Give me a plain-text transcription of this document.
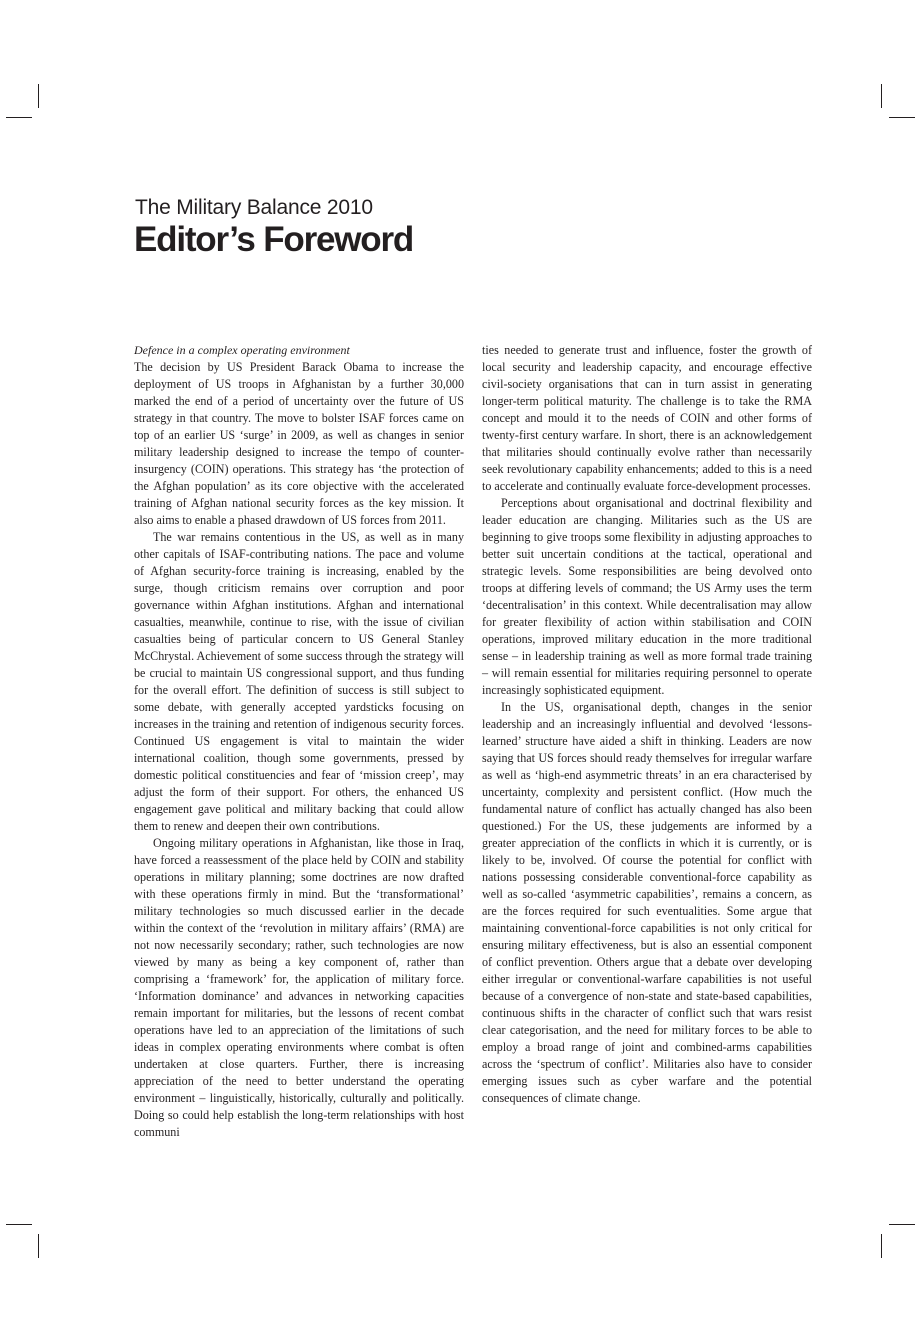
The Military Balance 2010
Editor’s Foreword
Defence in a complex operating environment

The decision by US President Barack Obama to increase the deployment of US troops in Afghanistan by a further 30,000 marked the end of a period of uncertainty over the future of US strategy in that country. The move to bolster ISAF forces came on top of an earlier US ‘surge’ in 2009, as well as changes in senior military leadership designed to increase the tempo of counter-insurgency (COIN) operations. This strategy has ‘the protection of the Afghan population’ as its core objective with the accelerated training of Afghan national security forces as the key mission. It also aims to enable a phased drawdown of US forces from 2011.

The war remains contentious in the US, as well as in many other capitals of ISAF-contributing nations. The pace and volume of Afghan security-force training is increasing, enabled by the surge, though criticism remains over corruption and poor governance within Afghan institutions. Afghan and international casualties, meanwhile, continue to rise, with the issue of civilian casualties being of particular concern to US General Stanley McChrystal. Achievement of some success through the strategy will be crucial to maintain US congressional support, and thus funding for the overall effort. The definition of success is still subject to some debate, with generally accepted yardsticks focusing on increases in the training and retention of indigenous security forces. Continued US engagement is vital to maintain the wider international coalition, though some governments, pressed by domestic political constituencies and fear of ‘mission creep’, may adjust the form of their support. For others, the enhanced US engagement gave political and military backing that could allow them to renew and deepen their own contributions.

Ongoing military operations in Afghanistan, like those in Iraq, have forced a reassessment of the place held by COIN and stability operations in military planning; some doctrines are now drafted with these operations firmly in mind. But the ‘transformational’ military technologies so much discussed earlier in the decade within the context of the ‘revolution in military affairs’ (RMA) are not now necessarily secondary; rather, such technologies are now viewed by many as being a key component of, rather than comprising a ‘framework’ for, the application of military force. ‘Information dominance’ and advances in networking capacities remain important for militaries, but the lessons of recent combat operations have led to an appreciation of the limitations of such ideas in complex operating environments where combat is often undertaken at close quarters. Further, there is increasing appreciation of the need to better understand the operating environment – linguistically, historically, culturally and politically. Doing so could help establish the long-term relationships with host communi

ties needed to generate trust and influence, foster the growth of local security and leadership capacity, and encourage effective civil-society organisations that can in turn assist in generating longer-term political maturity. The challenge is to take the RMA concept and mould it to the needs of COIN and other forms of twenty-first century warfare. In short, there is an acknowledgement that militaries should continually evolve rather than necessarily seek revolutionary capability enhancements; added to this is a need to accelerate and continually evaluate force-development processes.

Perceptions about organisational and doctrinal flexibility and leader education are changing. Militaries such as the US are beginning to give troops some flexibility in adjusting approaches to better suit uncertain conditions at the tactical, operational and strategic levels. Some responsibilities are being devolved onto troops at differing levels of command; the US Army uses the term ‘decentralisation’ in this context. While decentralisation may allow for greater flexibility of action within stabilisation and COIN operations, improved military education in the more traditional sense – in leadership training as well as more formal trade training – will remain essential for militaries requiring personnel to operate increasingly sophisticated equipment.

In the US, organisational depth, changes in the senior leadership and an increasingly influential and devolved ‘lessons-learned’ structure have aided a shift in thinking. Leaders are now saying that US forces should ready themselves for irregular warfare as well as ‘high-end asymmetric threats’ in an era characterised by uncertainty, complexity and persistent conflict. (How much the fundamental nature of conflict has actually changed has also been questioned.) For the US, these judgements are informed by a greater appreciation of the conflicts in which it is currently, or is likely to be, involved. Of course the potential for conflict with nations possessing considerable conventional-force capability as well as so-called ‘asymmetric capabilities’, remains a concern, as are the forces required for such eventualities. Some argue that maintaining conventional-force capabilities is not only critical for ensuring military effectiveness, but is also an essential component of conflict prevention. Others argue that a debate over developing either irregular or conventional-warfare capabilities is not useful because of a convergence of non-state and state-based capabilities, continuous shifts in the character of conflict such that wars resist clear categorisation, and the need for military forces to be able to employ a broad range of joint and combined-arms capabilities across the ‘spectrum of conflict’. Militaries also have to consider emerging issues such as cyber warfare and the potential consequences of climate change.
